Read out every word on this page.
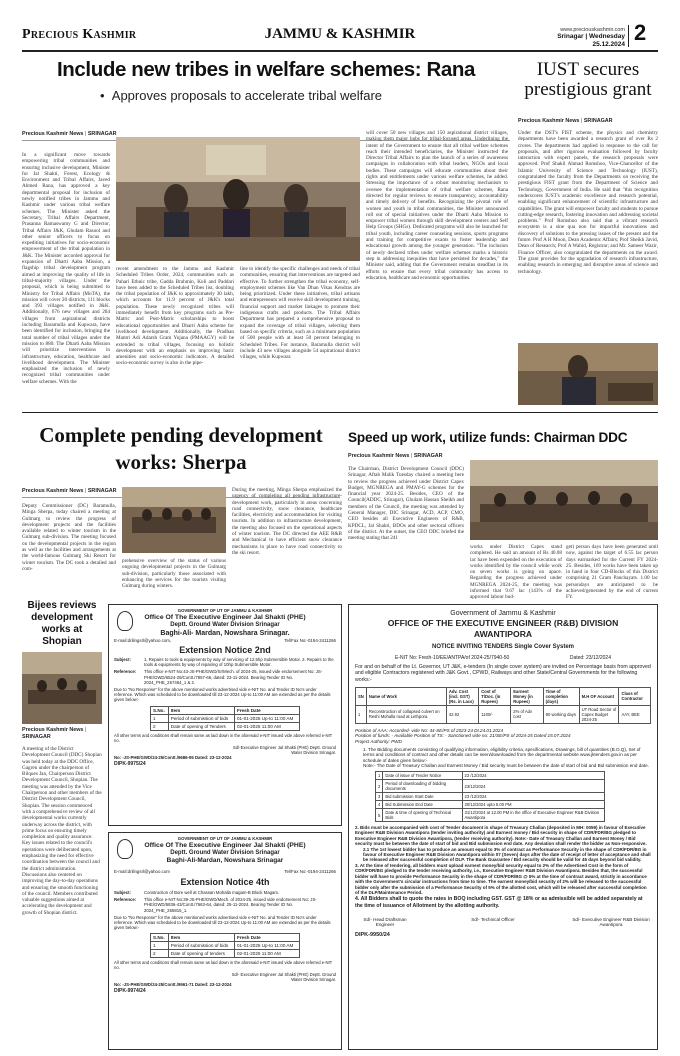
Precious Kashmir	JAMMU & KASHMIR	www.preciouskashmir.com
Srinagar | Wednesday
25.12.2024 2
Include new tribes in welfare schemes: Rana
•  Approves proposals to accelerate tribal welfare
Precious Kashmir News | SRINAGAR
In a significant move towards empowering tribal communities and ensuring inclusive development, Minister for Jal Shakti, Forest, Ecology & Environment and Tribal Affairs, Javed Ahmed Rana, has approved a key departmental proposal for inclusion of newly notified tribes in Jammu and Kashmir under various tribal welfare schemes. The Minister asked the Secretary, Tribal Affairs Department, Prasanna Ramaswamy G and Director, Tribal Affairs J&K, Ghulam Rasool and other senior officers to focus on expediting initiatives for socio-economic empowerment of the tribal population in J&K. The Minister accorded approval for expansion of Dharti Aaba Mission, a flagship tribal development program aimed at improving the quality of life in tribal-majority villages. Under the proposal, which is being submitted to Ministry for Tribal Affairs (MoTA), the mission will cover 20 districts, 111 blocks and 393 villages notified in J&K. Additionally, 676 new villages and 204 villages from aspirational districts including Baramulla and Kupwara, have been identified for inclusion, bringing the total number of tribal villages under the mission to 880. The Dharti Aaba Mission will prioritize interventions in infrastructure, education, healthcare and livelihood development. The Minister emphasized the inclusion of newly recognized tribal communities under welfare schemes. With the
recent amendment to the Jammu and Kashmir Scheduled Tribes Order, 2024, communities such as Pahari Ethnic tribe, Gadda Brahmin, Koli and Paddari have been added to the Scheduled Tribes list, doubling the tribal population of J&K to approximately 30 lakh, which accounts for 11.9 percent of J&K's total population. These newly recognized tribes will immediately benefit from key programs such as Pre-Matric and Post-Matric scholarships to boost educational opportunities and Dharti Aaba scheme for livelihood development. Additionally, the Pradhan Mantri Adi Adarsh Gram Yojana (PMAAGY) will be extended to tribal villages, focusing on holistic development with an emphasis on improving basic amenities and socio-economic indicators. A detailed socio-economic survey is also in the pipe-
line to identify the specific challenges and needs of tribal communities, ensuring that interventions are targeted and effective. To further strengthen the tribal economy, self-employment schemes like Van Dhan Vikas Kendras are being prioritized. Under these initiatives, tribal artisans and entrepreneurs will receive skill development training, financial support and market linkages to promote their indigenous crafts and products. The Tribal Affairs Department has prepared a comprehensive proposal to expand the coverage of tribal villages, selecting them based on specific criteria, such as a minimum population of 500 people with at least 50 percent belonging to Scheduled Tribes. For instance, Baramulla district will include 43 new villages alongside 54 aspirational district villages, while Kupwara
will cover 50 new villages and 150 aspirational district villages, making them major hubs for tribal-focused areas. Underlining the intent of the Government to ensure that all tribal welfare schemes reach their intended beneficiaries, the Minister instructed the Director Tribal Affairs to plan the launch of a series of awareness campaigns in collaboration with tribal leaders, NGOs and local bodies. These campaigns will educate communities about their rights and entitlements under various welfare schemes, he added. Stressing the importance of a robust monitoring mechanism to oversee the implementation of tribal welfare schemes, Rana directed for regular reviews to ensure transparency, accountability and timely delivery of benefits. Recognizing the pivotal role of women and youth in tribal communities, the Minister announced roll out of special initiatives under the Dharti Aaba Mission to empower tribal women through skill development centers and Self Help Groups (SHGs). Dedicated programs will also be launched for tribal youth, including career counseling sessions, sports programs and training for competitive exams to foster leadership and educational growth among the younger generation. "The inclusion of newly declared tribes under welfare schemes marks a historic step in addressing inequities that have persisted for decades," the Minister said, adding that the Government remains steadfast in its efforts to ensure that every tribal community has access to education, healthcare and economic opportunities.
IUST secures prestigious grant
Precious Kashmir News | SRINAGAR
Under the DST's FIST scheme, the physics and chemistry departments have been awarded a research grant of over Rs 2 crores. The departments had applied in response to the call for proposals, and after rigorous evaluation followed by faculty interaction with expert panels, the research proposals were approved. Prof Shakil Ahmad Romshoo, Vice-Chancellor of the Islamic University of Science and Technology (IUST), congratulated the faculty from the Departments on receiving the prestigious FIST grant from the Department of Science and Technology, Government of India. He said that "this recognition underscores IUST's academic excellence and research potential, enabling significant enhancement of scientific infrastructure and capabilities. The grant will empower faculty and students to pursue cutting-edge research, fostering innovation and addressing societal problems." Prof Romshoo also said that a vibrant research ecosystem is a sine qua non for impactful innovations and discovery of solutions to the pressing issues of the present and the future. Prof A H Moon, Dean Academic Affairs; Prof Sheikh Javid, Dean of Research; Prof A Wahid, Registrar; and Mr. Sameer Wazir, Finance Officer, also congratulated the departments on the award. The grant provides for the upgradation of research infrastructure, enabling research in emerging and disruptive areas of science and technology.
Complete pending development works: Sherpa
Precious Kashmir News | SRINAGAR
Deputy Commissioner (DC) Baramulla, Minga Sherpa, today chaired a meeting at Gulmarg to review the progress of development projects and the facilities available related to winter tourism in the Gulmarg sub-division. The meeting focused on the developmental projects in the region as well as the facilities and arrangements at the world-famous Gulmarg Ski Resort for winter tourism. The DC took a detailed and com-
prehensive overview of the status of various ongoing developmental projects in the Gulmarg sub-division, particularly those associated with enhancing the services for the tourists visiting Gulmarg during winters.
During the meeting, Minga Sherpa emphasized the urgency of completing all pending infrastructure-development work, particularly in areas concerning road connectivity, snow clearance, healthcare facilities, electricity and accommodation for visiting tourists. In addition to infrastructure development, the meeting also focused on the operational aspects of winter tourism. The DC directed the AEE R&B and Mechanical to have efficient snow clearance mechanisms in place to have road connectivity to the ski resort.
Speed up work, utilize funds: Chairman DDC
Precious Kashmir News | SRINAGAR
The Chairman, District Development Council (DDC) Srinagar, Aftab Malik Tuesday chaired a meeting here to review the progress achieved under District Capex Budget, MGNREGA and PMAY-G schemes for the financial year 2024-25. Besides, CEO of the Council(ADDC, Srinagar), Ghulam Hassan Sheikh and members of the Council, the meeting was attended by General Manager, DIC Srinagar, ACD, ACP, CMO, CEO besides all Executive Engineers of R&B, KPDCL, Jal Shakti, BDOs and other sectoral officers of the district. At the outset, the CEO DDC briefed the meeting stating that 241
works under District Capex stand completed. He said an amount of Rs 40.08 lac have been expended on the execution of works identified by the council while work on seven works is going on apace. Regarding the progress achieved under MGNREGA 2024-25, the meeting was informed that 9.67 lac (143% of the approved labour bud-
get) person days have been generated until now, against the target of 6.55 lac person days earmarked for the Current FY 2024-25. Besides, 169 works have been taken up in hand in four CD-Blocks of this District comprising 21 Gram Panchayats. 1.00 lac persondays are anticipated to be achieved/generated by the end of current FY.
Bijees reviews development works at Shopian
Precious Kashmir News | SRINAGAR
A meeting of the District Development Council (DDC) Shopian was held today at the DDC Office, Gagren under the chairperson of Bilques Jan, Chairperson District Development Council, Shopian. The meeting was attended by the Vice Chairperson and other members of the District Development Council, Shopian. The session commenced with a comprehensive review of all developmental works currently underway across the district, with prime focus on ensuring timely completion and quality assurance. Key issues related to the council's operations were deliberated upon, emphasizing the need for effective coordination between the council and the district administration. Discussions also centered on improving the day-to-day operations and ensuring the smooth functioning of the council. Members contributed valuable suggestions aimed at accelerating the development and growth of Shopian district.
GOVERNMENT OF UT OF JAMMU & KASHMIR
Office Of The Executive Engineer Jal Shakti (PHE)
Deptt. Ground Water Division Srinagar
Baghi-Ali- Mardan, Nowshara Srinagar.
E-mail:drilingsrl@yahoo.com,	Tel/Fax No:-0194-2411266
Extension Notice 2nd
Subject:	1. Repairs to tools & equipments by way of servicing of 12.5hp Submersible Motor. 2. Repairs to the tools & equipments by way of repairing of 10hp Submersible Motor.
Reference:	This office e-NIT No:43-JS-PHE/GWD/Sr/Mech. of 2024-25, issued vide endorsement No: JS-PHE/GWD/6524-29/Contt./7857-66, dated: 23-11-2024. Bearing Tender ID No. 2024_PHE_257464_1 & 2.
Due to "No Response" for the above mentioned works advertised vide e-NIT No. and Tender ID No's under reference. Which was scheduled to be downloaded till 23-12-2024 Up-to 11:00 AM are extended as per the details given below:-
S.No.	Item	Fresh Date
1	Period of submission of bids	01-01-2025 Up-to 11:00 AM
2	Date of opening of Tenders	02-01-2025 11:00 AM
All other terms and conditions shall remain same as laid down in the aforesaid e-NIT issued vide above referred e-NIT no.
Sd/-Executive Engineer Jal Shakti (PHE) Deptt. Ground Water Division Srinagar.
No: -JS-PHE/GWD/24-25/Contt./9686-95 Dated: 23-12-2024
DIPK-9975/24
GOVERNMENT OF UT OF JAMMU & KASHMIR
Office Of The Executive Engineer Jal Shakti (PHE)
Deptt. Ground Water Division Srinagar
Baghi-Ali-Mardan, Nowshara Srinagar
E-mail:drilingsrl@yahoo.com	Tel/Fax No:-0194-2411266
Extension Notice 4th
Subject:	Construction of Bore well at Chassan Mohalla magam-B Block Magam.
Reference:	This office e-NIT No:39-JS-PHE/GWD/Mech. of 2024-25, issued vide endorsement No: JS-PHE/GWD/5836-43/Contt./7663-64, dated: 25-11-2024. Bearing Tender ID No. 2024_PHE_265815_1.
Due to "No Response" for the above mentioned works advertised vide e-NIT No. and Tender ID No's under reference. Which was scheduled to be downloaded till 23-12-2024 Up-to 11:00 AM are extended as per the details given below:-
S.No.	Item	Fresh Date
1	Period of submission of bids	01-01-2025 Up-to 11:00 AM
2	Date of opening of tenders	02-01-2025 11:00 AM
All other terms and conditions shall remain same as laid down in the aforesaid e-NIT issued vide above referred e-NIT no.
Sd/- Executive Engineer Jal Shakti (PHE) Deptt. Ground Water Division Srinagar.
No: -JS-PHE/GWD/24-25/Contt./9561-71 Dated: 23-12-2024
DIPK-9974/24
Government of Jammu & Kashmir
OFFICE OF THE EXECUTIVE ENGINEER (R&B) DIVISION AWANTIPORA
NOTICE INVITING TENDERS Single Cover System
E-NIT No: Fresh-10/EE/ANTPA/of 2024-25/7940-50	Dated: 23/12/2024
For and on behalf of the Lt. Governor, UT J&K, e-tenders (In single cover system) are invited on Percentage basis from approved and eligible Contractors registered with J&K Govt., CPWD, Railways and other State/Central Governments for the following works:-
SN	Name of Work	Adv. Cost (incl. GST) (Rs. in Lacs)	Cost of T/Doc. (in Rupees)	Earnest Money (in Rupees)	Time of completion (days)	M.H OF Account	Class of Contractor
1	Reconstruction of collapsed culvert on Reshi Mohalla road at Lethpora.	42.92	1100/-	2% of Adv cost	90 working days	UT Road Sector of Capex Budget 2024-25	AAY, BEE
Position of AAA: Accorded- vide No: 44-SE/PS of 2023-24 Dt.24.01.2024
Position of funds: - Available Position of TS: - Sanctioned vide no: 21/SE/PS of 2024-25 Dated 15.07.2024
Project Authority: PWD
1. The Bidding documents consisting of qualifying information, eligibility criteria, specifications, Drawings, bill of quantities (B.O.Q), Set of terms and conditions of contract and other details can be seen/downloaded from the departmental website www.jktenders.gov.in as per schedule of dates given below:-
Note:- The Date of Treasury Challan and Earnest Money / Bid security must be between the date of start of bid and Bid submission end date.
1	Date of issue of Tender Notice	23 /12/2024
2	Period of downloading of bidding documents	23/12/2024
3	Bid submission Start Date	23 /12/2024
4	Bid Submission End Date	30/12/2024 upto 5.00 PM
5	Date & time of opening of Technical Bids	31/12/2024 at 12.00 PM in the office of Executive Engineer R&B Division Awantipora
2. Bids must be accompanied with cost of Tender document in shape of Treasury Challan (deposited in MH: 0059) in favour of Executive Engineer R&B Division Awantipora (tender inviting authority) and Earnest money / Bid security in shape of CDR/FDR/BG pledged to Executive Engineer R&B Division Awantipora, (tender receiving authority). Note:- Date of Treasury Challan and Earnest Money / Bid security must be between the date of start of bid and Bid submission end date. Any deviation shall render the bidder as Non-responsive.
2.1 The 1st lowest bidder has to produce an amount equal to 3% of contract as Performance Security in the shape of CDR/FDR/BG in favour of Executive Engineer R&B Division Awantipora within 07 (Seven) days after the date of receipt of letter of acceptance and shall be released after successful completion of DLP. The Bank Guarantee / Bid security should be valid for 45 days beyond bid validity.
3. At the time of tendering, all bidders must upload earnest money/bid security equal to 2% of the Advertised Cost in the form of CDR/FDR/BG pledged to the tender receiving authority, i.e., Executive Engineer R&B Division Awantipora. Besides that, the successful bidder will have to provide Performance Security in the shape of CDR/FDR/BG @ 5% at the time of contract award, strictly in accordance with the Government's circular instructions from time to time. The earnest money/bid security of 2% will be released to the successful bidder only after the submission of a Performance Security of 5% of the allotted cost, which will be released after successful completion of the DLP/Maintenance Period.
4. All Bidders shall to quote the rates in BOQ including GST. GST @ 18% or as admissible will be added separately at the time of issuance of Allotment by the allotting authority.
Sd/- Head Draftsman Engineer
Sd/- Technical Officer	Sd/- Executive Engineer R&B Division Awantipora
DIPK-9950/24
